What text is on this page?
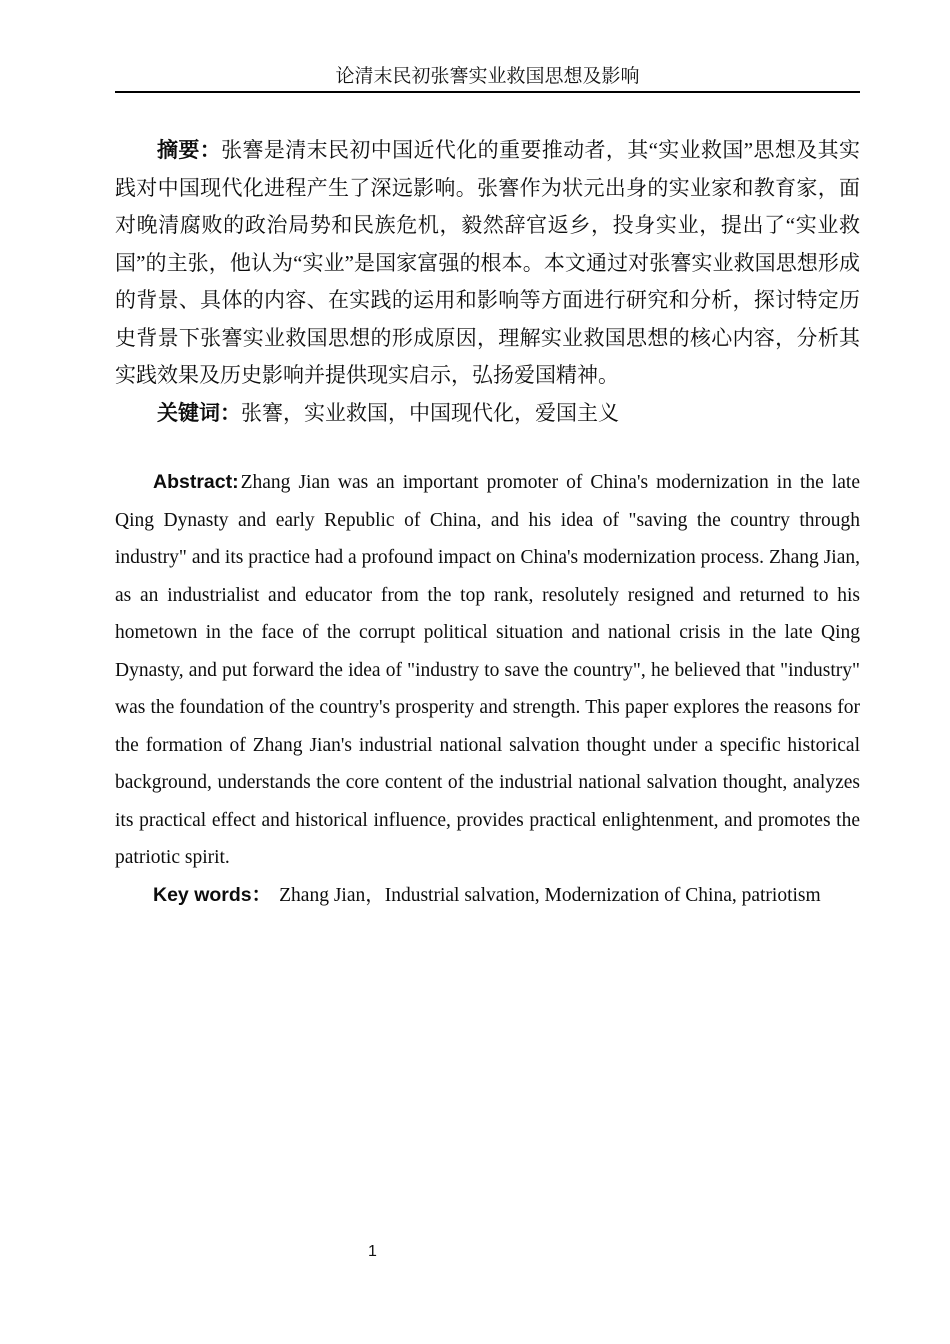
论清末民初张謇实业救国思想及影响

摘要：张謇是清末民初中国近代化的重要推动者，其“实业救国”思想及其实践对中国现代化进程产生了深远影响。张謇作为状元出身的实业家和教育家，面对晚清腐败的政治局势和民族危机，毅然辞官返乡，投身实业，提出了“实业救国”的主张，他认为“实业”是国家富强的根本。本文通过对张謇实业救国思想形成的背景、具体的内容、在实践的运用和影响等方面进行研究和分析，探讨特定历史背景下张謇实业救国思想的形成原因，理解实业救国思想的核心内容，分析其实践效果及历史影响并提供现实启示，弘扬爱国精神。

关键词：张謇，实业救国，中国现代化，爱国主义

Abstract: Zhang Jian was an important promoter of China's modernization in the late Qing Dynasty and early Republic of China, and his idea of "saving the country through industry" and its practice had a profound impact on China's modernization process. Zhang Jian, as an industrialist and educator from the top rank, resolutely resigned and returned to his hometown in the face of the corrupt political situation and national crisis in the late Qing Dynasty, and put forward the idea of "industry to save the country", he believed that "industry" was the foundation of the country's prosperity and strength. This paper explores the reasons for the formation of Zhang Jian's industrial national salvation thought under a specific historical background, understands the core content of the industrial national salvation thought, analyzes its practical effect and historical influence, provides practical enlightenment, and promotes the patriotic spirit.

Key words： Zhang Jian，Industrial salvation, Modernization of China, patriotism

1
